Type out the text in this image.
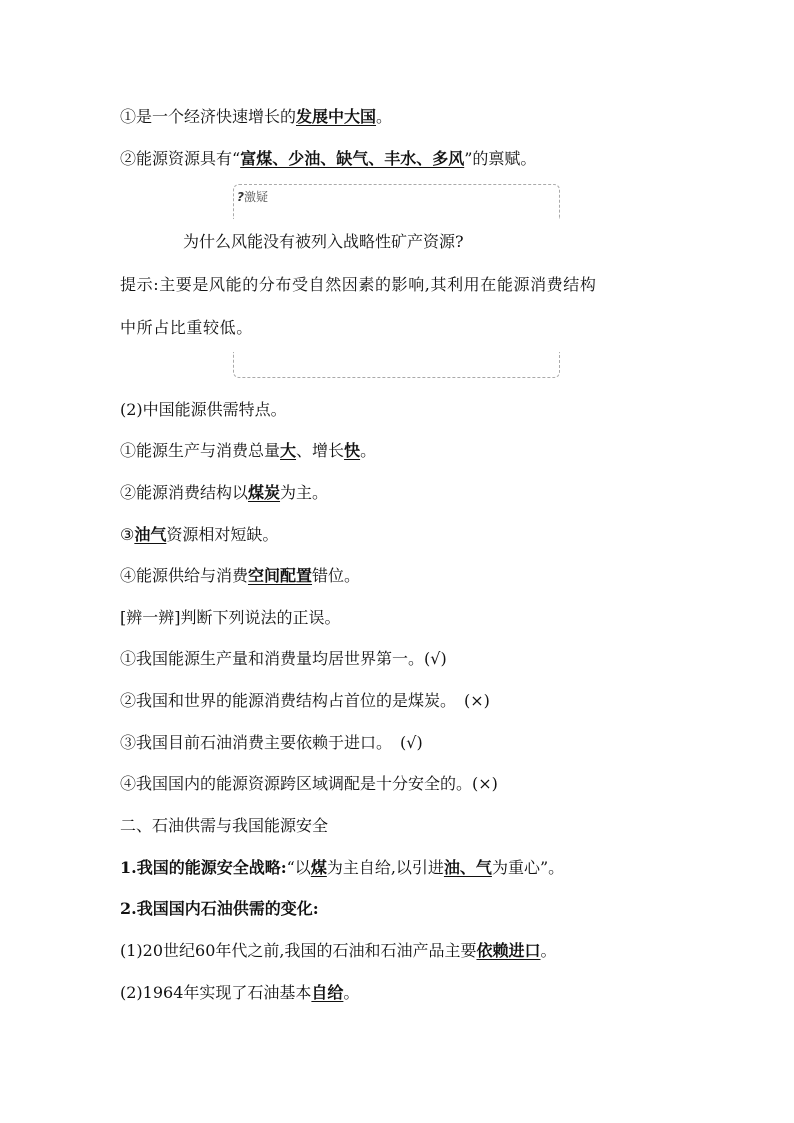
①是一个经济快速增长的发展中大国。
②能源资源具有“富煤、少油、缺气、丰水、多风”的禀赋。
?激疑
为什么风能没有被列入战略性矿产资源?
提示:主要是风能的分布受自然因素的影响,其利用在能源消费结构
中所占比重较低。
(2)中国能源供需特点。
①能源生产与消费总量大、增长快。
②能源消费结构以煤炭为主。
③油气资源相对短缺。
④能源供给与消费空间配置错位。
[辨一辨]判断下列说法的正误。
①我国能源生产量和消费量均居世界第一。(√)
②我国和世界的能源消费结构占首位的是煤炭。　(×)
③我国目前石油消费主要依赖于进口。　(√)
④我国国内的能源资源跨区域调配是十分安全的。(×)
二、石油供需与我国能源安全
1.我国的能源安全战略:“以煤为主自给,以引进油、气为重心”。
2.我国国内石油供需的变化:
(1)20世纪60年代之前,我国的石油和石油产品主要依赖进口。
(2)1964年实现了石油基本自给。
